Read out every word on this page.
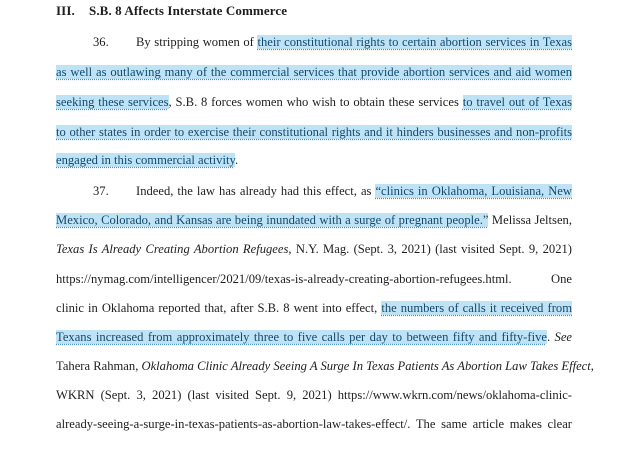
III. S.B. 8 Affects Interstate Commerce
36. By stripping women of their constitutional rights to certain abortion services in Texas
as well as outlawing many of the commercial services that provide abortion services and aid women
seeking these services, S.B. 8 forces women who wish to obtain these services to travel out of Texas
to other states in order to exercise their constitutional rights and it hinders businesses and non-profits
engaged in this commercial activity.
37. Indeed, the law has already had this effect, as “clinics in Oklahoma, Louisiana, New
Mexico, Colorado, and Kansas are being inundated with a surge of pregnant people.” Melissa Jeltsen,
Texas Is Already Creating Abortion Refugees, N.Y. Mag. (Sept. 3, 2021) (last visited Sept. 9, 2021)
https://nymag.com/intelligencer/2021/09/texas-is-already-creating-abortion-refugees.html. One
clinic in Oklahoma reported that, after S.B. 8 went into effect, the numbers of calls it received from
Texans increased from approximately three to five calls per day to between fifty and fifty-five. See
Tahera Rahman, Oklahoma Clinic Already Seeing A Surge In Texas Patients As Abortion Law Takes Effect,
WKRN (Sept. 3, 2021) (last visited Sept. 9, 2021) https://www.wkrn.com/news/oklahoma-clinic-
already-seeing-a-surge-in-texas-patients-as-abortion-law-takes-effect/. The same article makes clear
